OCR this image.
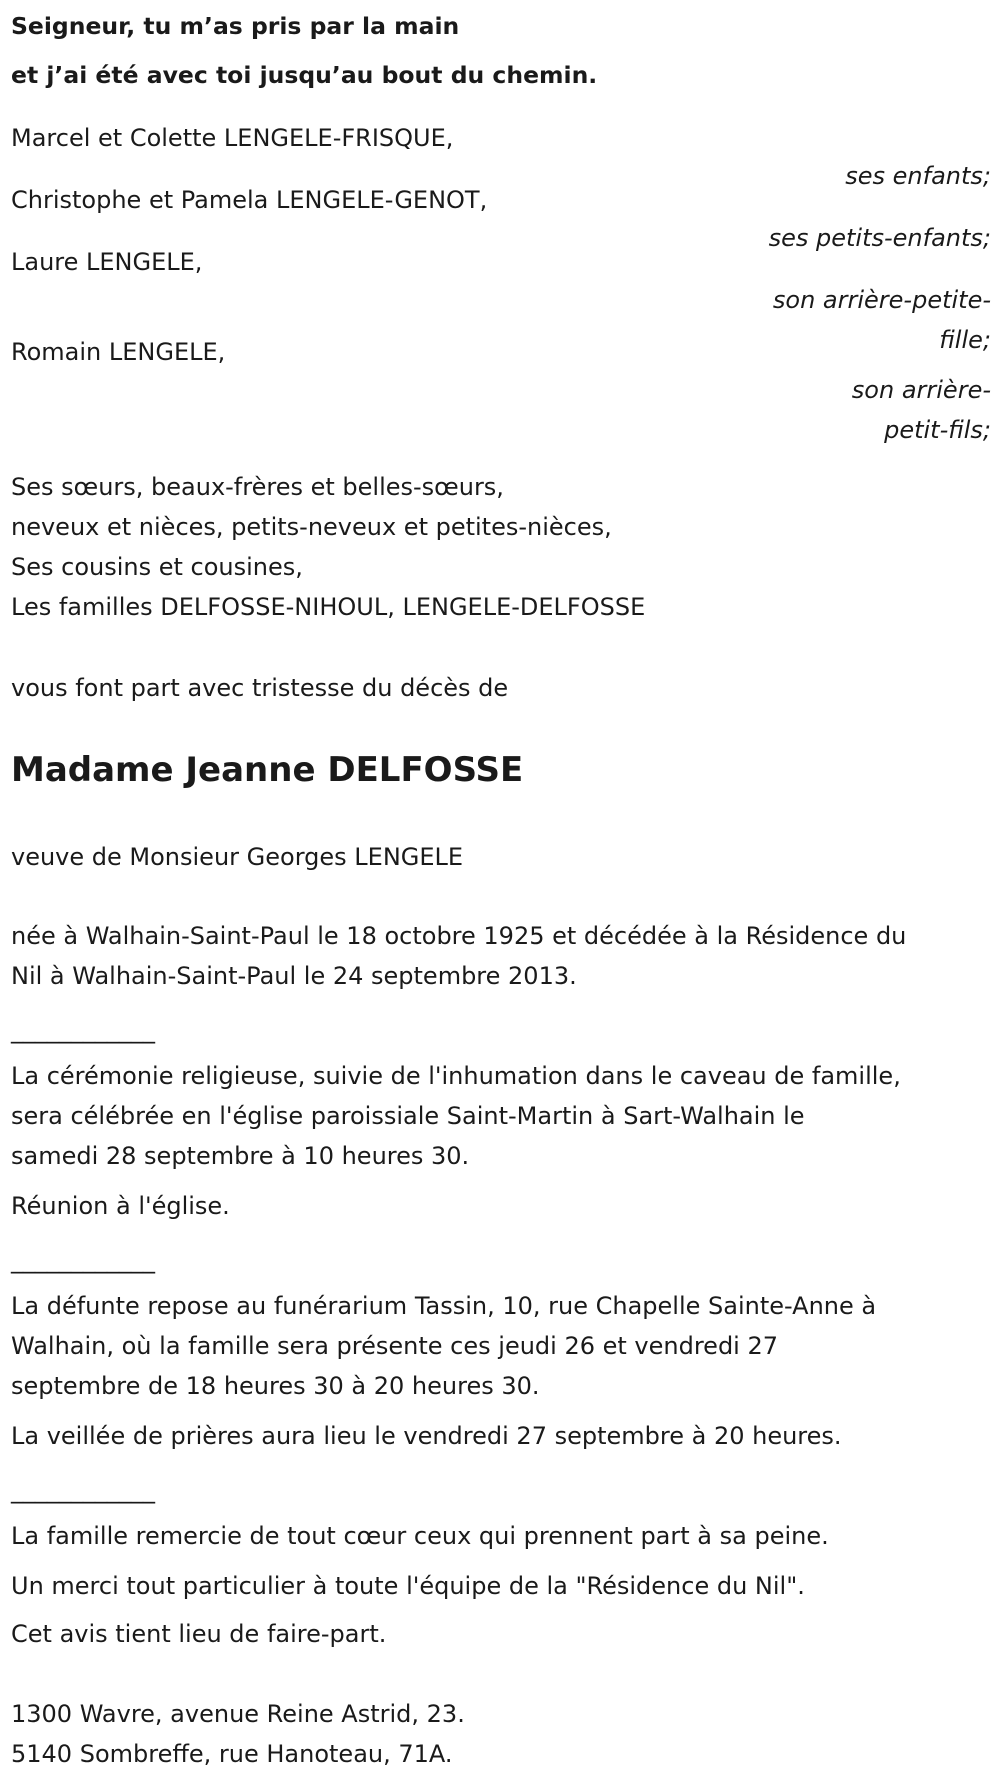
Seigneur, tu m’as pris par la main
et j’ai été avec toi jusqu’au bout du chemin.
Marcel et Colette LENGELE-FRISQUE,
ses enfants;
Christophe et Pamela LENGELE-GENOT,
ses petits-enfants;
Laure LENGELE,
son arrière-petite-
fille;
Romain LENGELE,
son arrière-
petit-fils;

Ses sœurs, beaux-frères et belles-sœurs,

neveux et nièces, petits-neveux et petites-nièces,

Ses cousins et cousines,

Les familles DELFOSSE-NIHOUL, LENGELE-DELFOSSE

vous font part avec tristesse du décès de
Madame Jeanne DELFOSSE
veuve de Monsieur Georges LENGELE

née à Walhain-Saint-Paul le 18 octobre 1925 et décédée à la Résidence du

Nil à Walhain-Saint-Paul le 24 septembre 2013.

____________

La cérémonie religieuse, suivie de l'inhumation dans le caveau de famille,

sera célébrée en l'église paroissiale Saint-Martin à Sart-Walhain le

samedi 28 septembre à 10 heures 30.

Réunion à l'église.
____________

La défunte repose au funérarium Tassin, 10, rue Chapelle Sainte-Anne à

Walhain, où la famille sera présente ces jeudi 26 et vendredi 27

septembre de 18 heures 30 à 20 heures 30.

La veillée de prières aura lieu le vendredi 27 septembre à 20 heures.
____________
La famille remercie de tout cœur ceux qui prennent part à sa peine.
Un merci tout particulier à toute l'équipe de la "Résidence du Nil".
Cet avis tient lieu de faire-part.

1300 Wavre, avenue Reine Astrid, 23.

5140 Sombreffe, rue Hanoteau, 71A.
